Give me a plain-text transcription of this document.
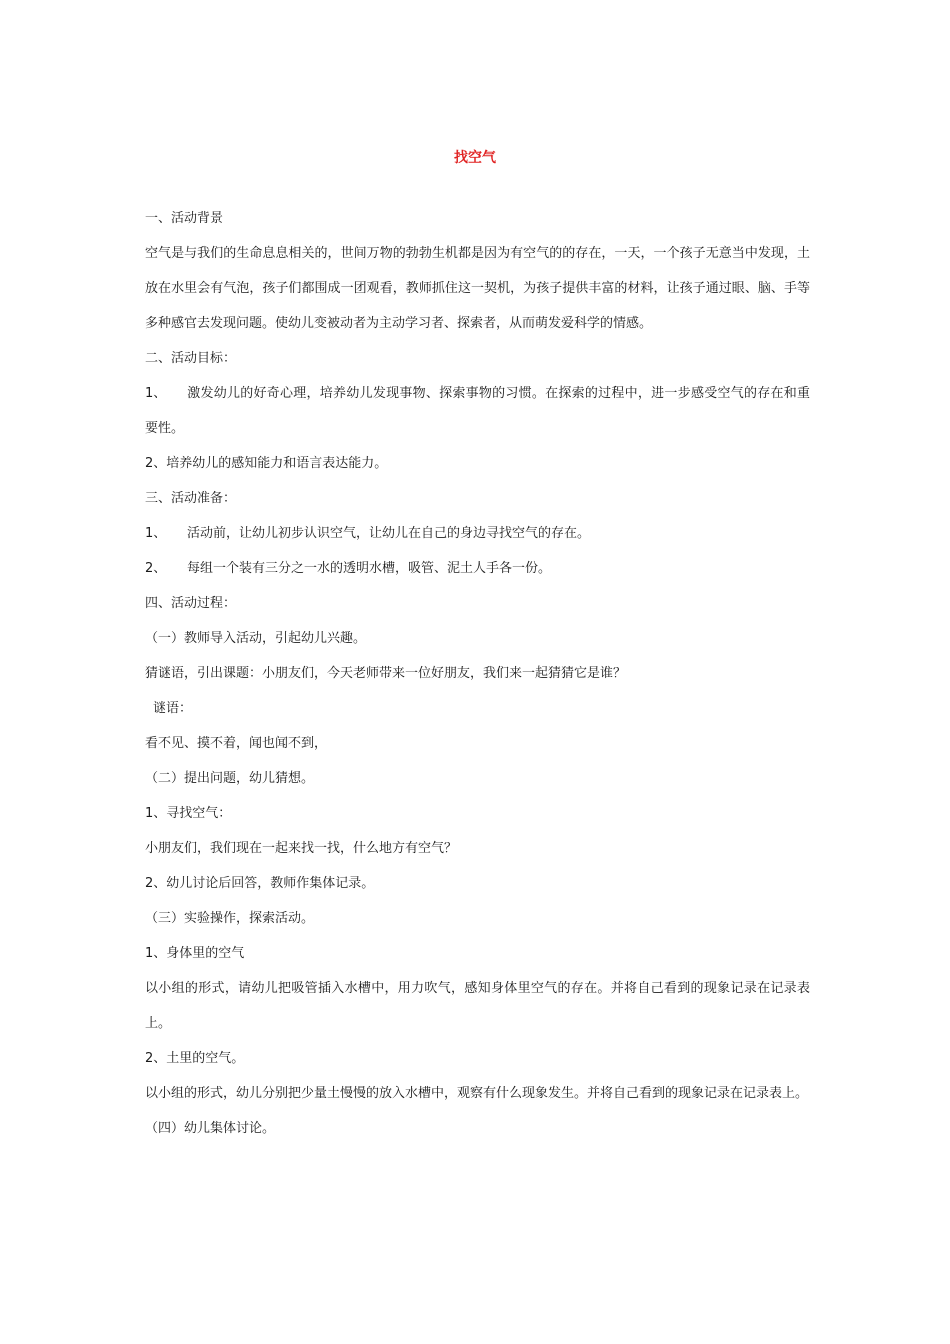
找空气
一、活动背景
空气是与我们的生命息息相关的，世间万物的勃勃生机都是因为有空气的的存在，一天，一个孩子无意当中发现，土放在水里会有气泡，孩子们都围成一团观看，教师抓住这一契机，为孩子提供丰富的材料，让孩子通过眼、脑、手等多种感官去发现问题。使幼儿变被动者为主动学习者、探索者，从而萌发爱科学的情感。
二、活动目标：
1、 激发幼儿的好奇心理，培养幼儿发现事物、探索事物的习惯。在探索的过程中，进一步感受空气的存在和重要性。
2、培养幼儿的感知能力和语言表达能力。
三、活动准备：
1、 活动前，让幼儿初步认识空气，让幼儿在自己的身边寻找空气的存在。
2、 每组一个装有三分之一水的透明水槽，吸管、泥土人手各一份。
四、活动过程：
（一）教师导入活动，引起幼儿兴趣。
猜谜语，引出课题：小朋友们，今天老师带来一位好朋友，我们来一起猜猜它是谁？
谜语：
看不见、摸不着，闻也闻不到，
（二）提出问题，幼儿猜想。
1、寻找空气：
小朋友们，我们现在一起来找一找，什么地方有空气？
2、幼儿讨论后回答，教师作集体记录。
（三）实验操作，探索活动。
1、身体里的空气
以小组的形式，请幼儿把吸管插入水槽中，用力吹气，感知身体里空气的存在。并将自己看到的现象记录在记录表上。
2、土里的空气。
以小组的形式，幼儿分别把少量土慢慢的放入水槽中，观察有什么现象发生。并将自己看到的现象记录在记录表上。
（四）幼儿集体讨论。
